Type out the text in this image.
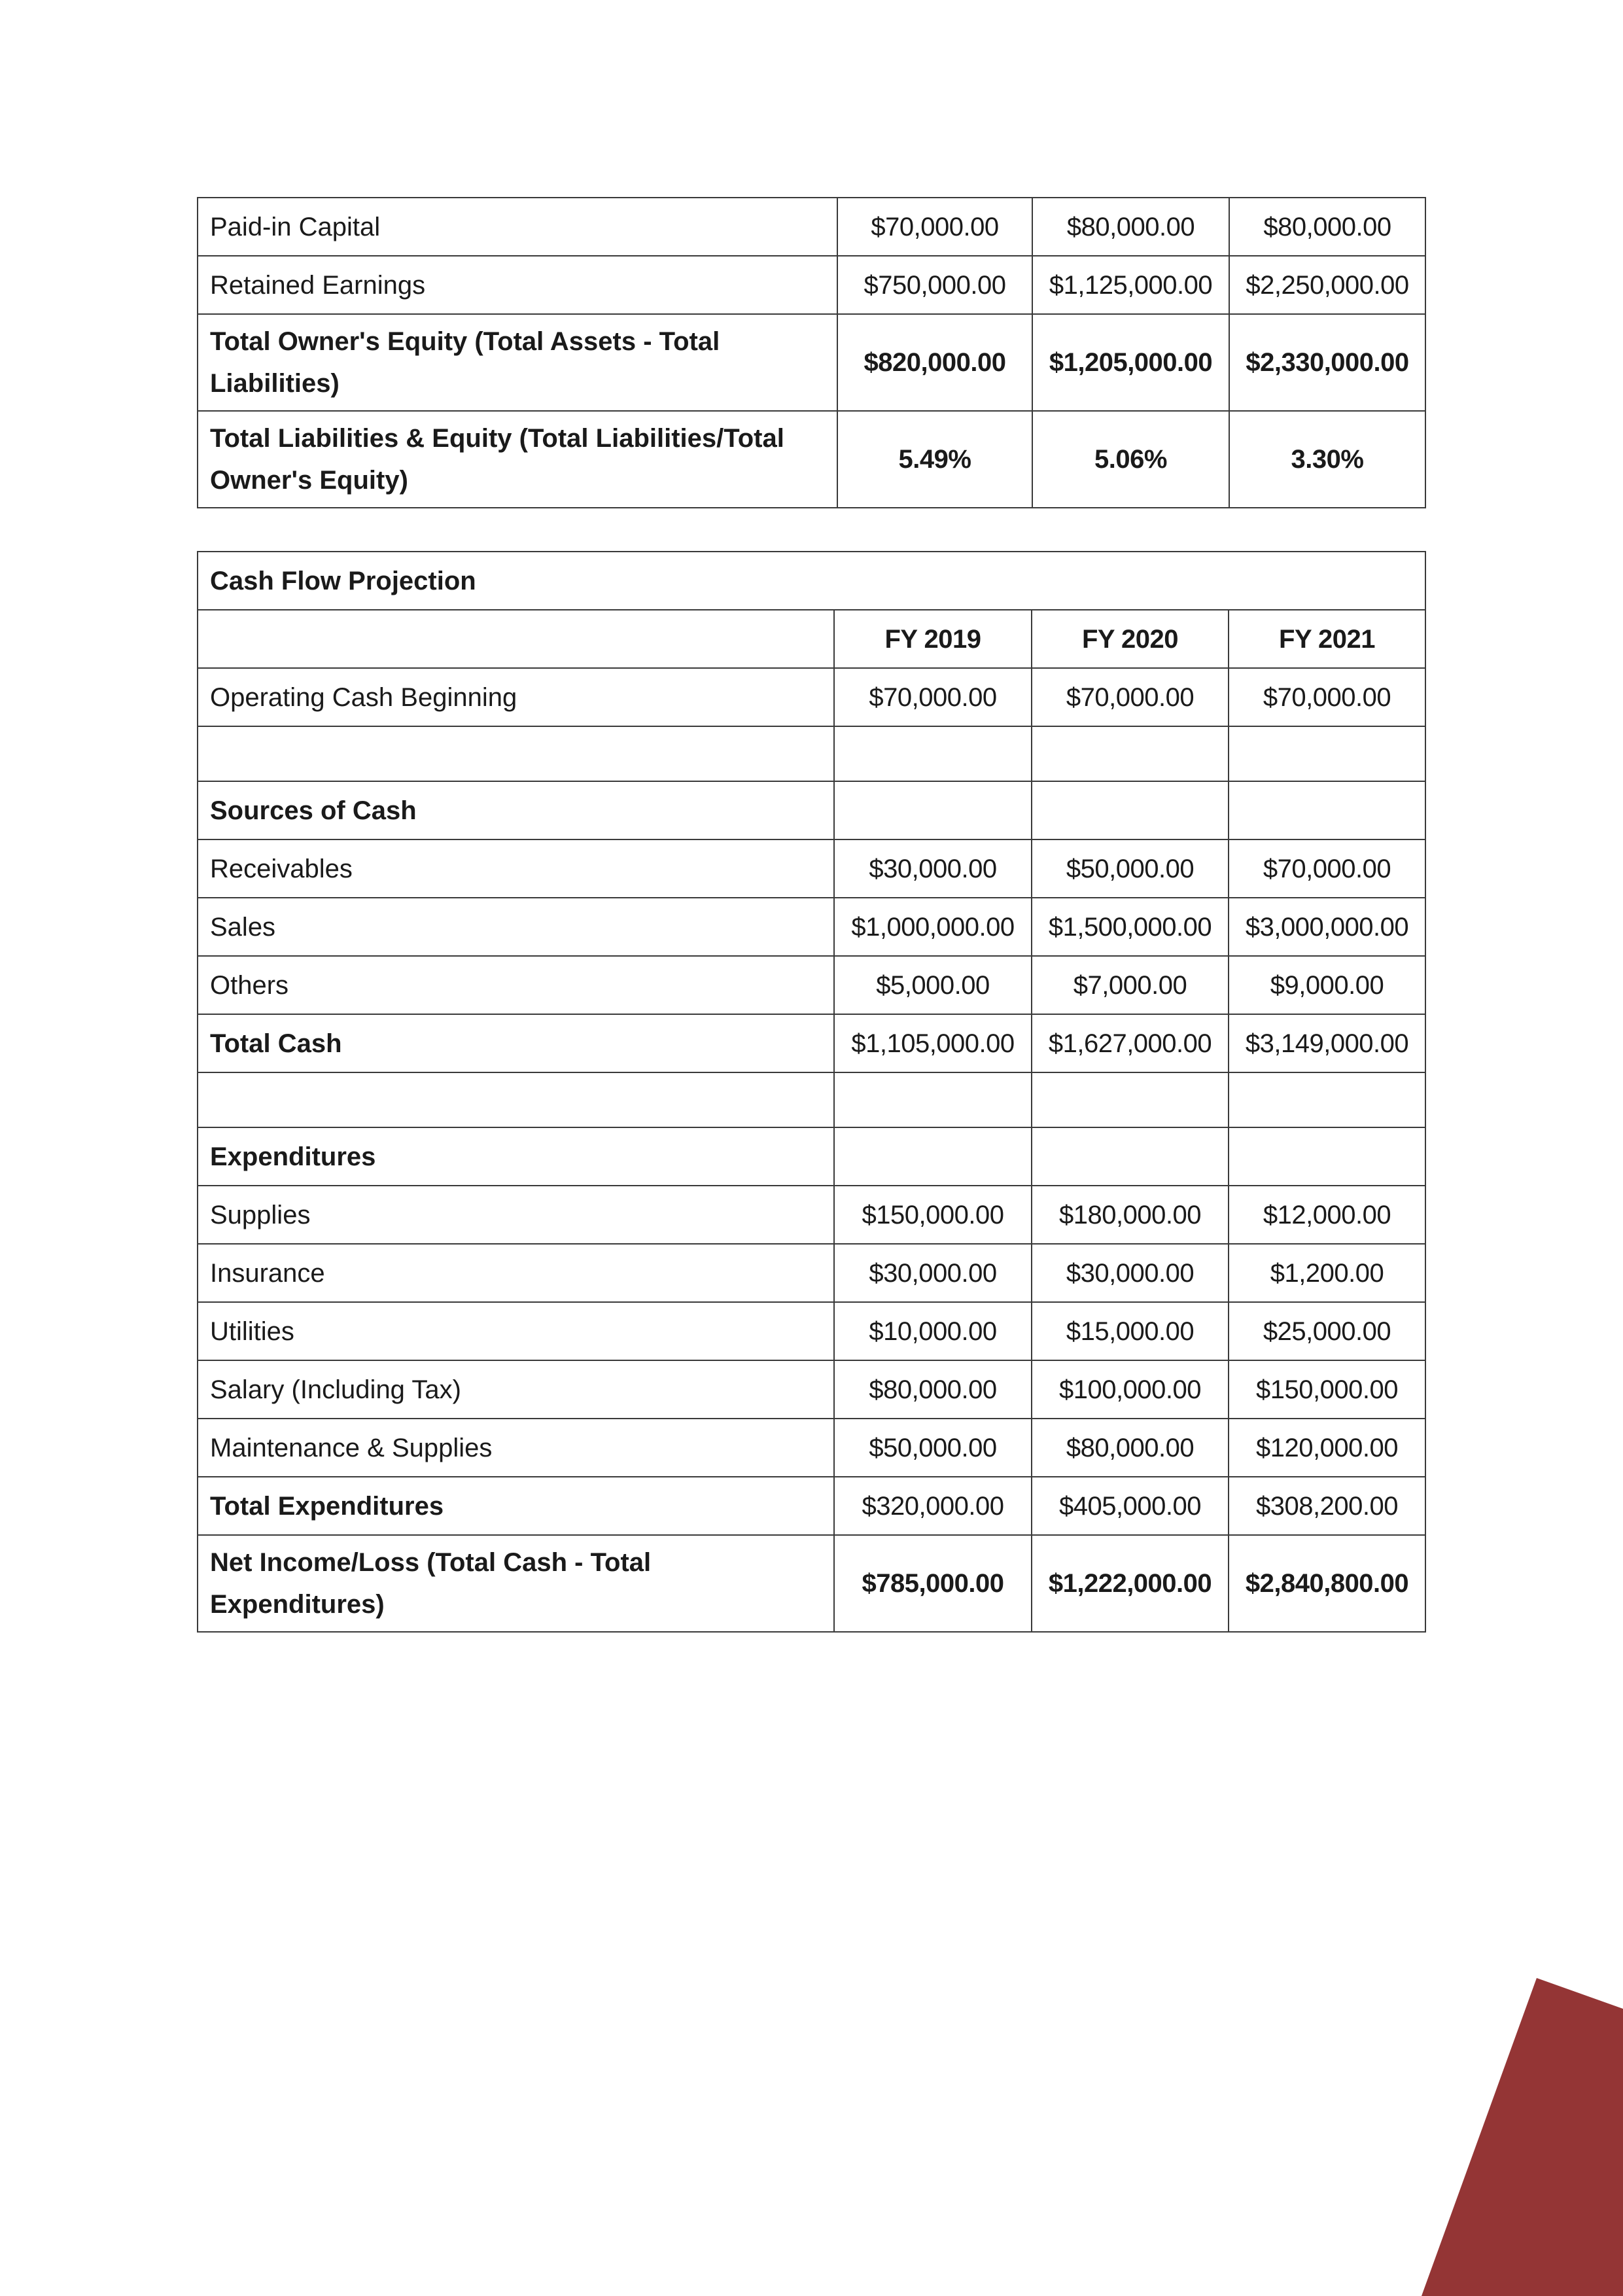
Paid-in Capital	$70,000.00	$80,000.00	$80,000.00
Retained Earnings	$750,000.00	$1,125,000.00	$2,250,000.00
Total Owner's Equity (Total Assets - Total Liabilities)	$820,000.00	$1,205,000.00	$2,330,000.00
Total Liabilities & Equity (Total Liabilities/Total Owner's Equity)	5.49%	5.06%	3.30%
Cash Flow Projection			
	FY 2019	FY 2020	FY 2021
Operating Cash Beginning	$70,000.00	$70,000.00	$70,000.00

Sources of Cash			
Receivables	$30,000.00	$50,000.00	$70,000.00
Sales	$1,000,000.00	$1,500,000.00	$3,000,000.00
Others	$5,000.00	$7,000.00	$9,000.00
Total Cash	$1,105,000.00	$1,627,000.00	$3,149,000.00

Expenditures			
Supplies	$150,000.00	$180,000.00	$12,000.00
Insurance	$30,000.00	$30,000.00	$1,200.00
Utilities	$10,000.00	$15,000.00	$25,000.00
Salary (Including Tax)	$80,000.00	$100,000.00	$150,000.00
Maintenance & Supplies	$50,000.00	$80,000.00	$120,000.00
Total Expenditures	$320,000.00	$405,000.00	$308,200.00
Net Income/Loss (Total Cash - Total Expenditures)	$785,000.00	$1,222,000.00	$2,840,800.00
